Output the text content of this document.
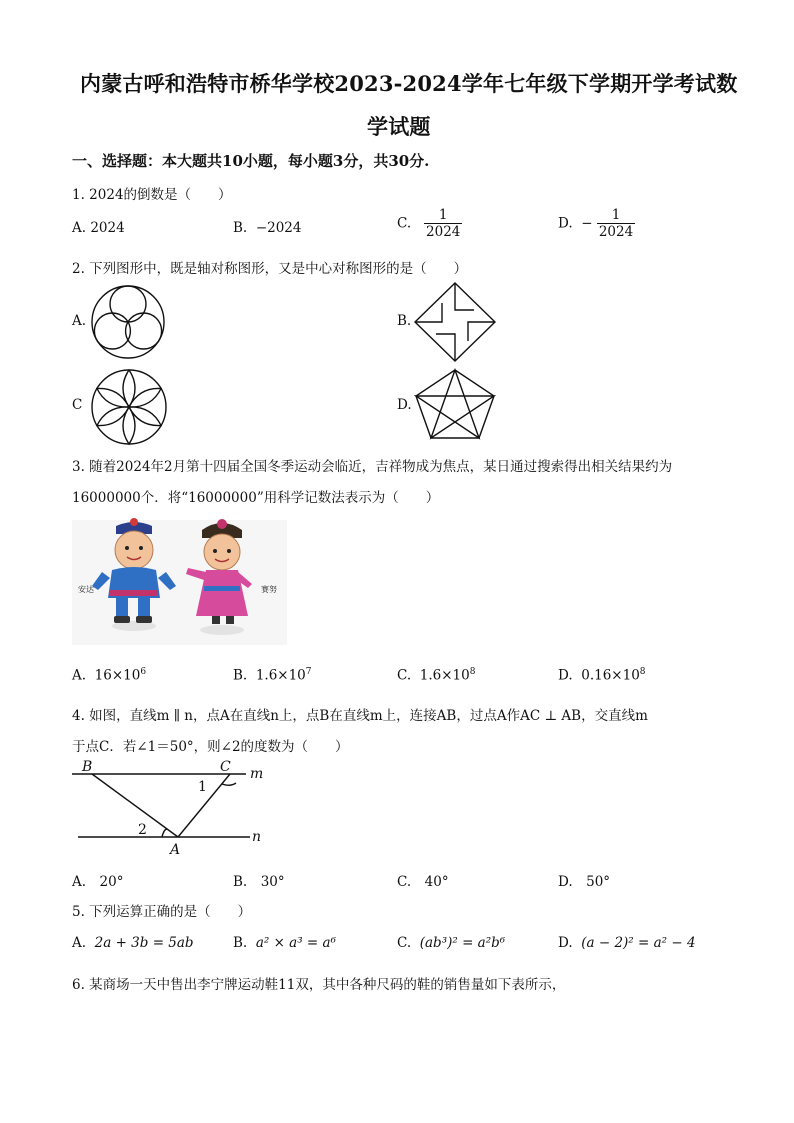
内蒙古呼和浩特市桥华学校2023-2024学年七年级下学期开学考试数
学试题
一、选择题：本大题共10小题，每小题3分，共30分.
1. 2024的倒数是（　　）
A. 2024	B. −2024	C. $\frac{1}{2024}$	D. − $\frac{1}{2024}$
2. 下列图形中，既是轴对称图形，又是中心对称图形的是（　　）
A.	B.
C	D.
3. 随着2024年2月第十四届全国冬季运动会临近，吉祥物成为焦点，某日通过搜索得出相关结果约为
16000000个．将“16000000”用科学记数法表示为（　　）
安达	赛努
A. $16\times 10^6$	B. $1.6\times 10^7$	C. $1.6\times 10^8$	D. $0.16\times 10^8$
4. 如图，直线m ∥ n，点A在直线n上，点B在直线m上，连接AB，过点A作AC ⊥ AB，交直线m
于点C．若∠1＝50°，则∠2的度数为（　　）
B	C m
n
A
1
2
A.　20°	B.　30°	C.　40°	D.　50°
5. 下列运算正确的是（　　）
A. 2a + 3b = 5ab	B. a² × a³ = a⁶	C. (ab³)² = a²b⁶	D. (a − 2)² = a² − 4
6. 某商场一天中售出李宁牌运动鞋11双，其中各种尺码的鞋的销售量如下表所示，
